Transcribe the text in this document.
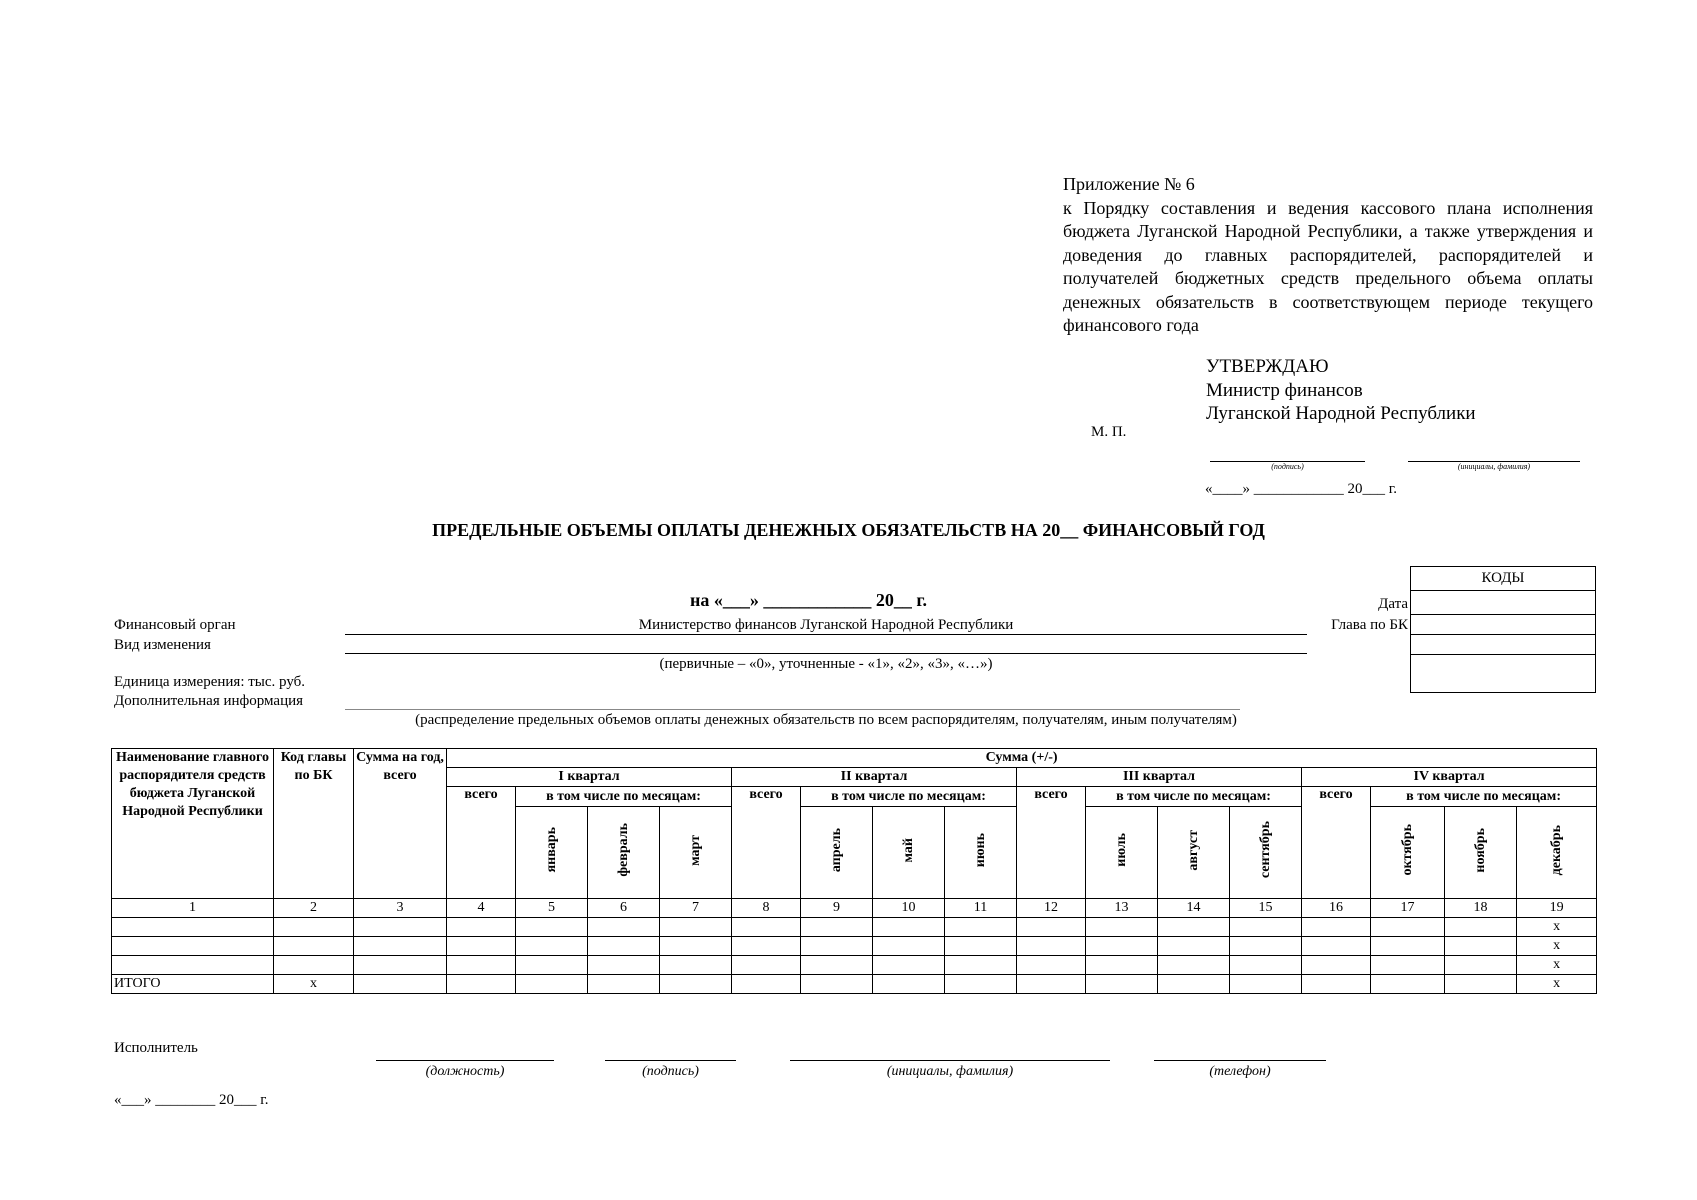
Приложение № 6
к Порядку составления и ведения кассового плана исполнения бюджета Луганской Народной Республики, а также утверждения и доведения до главных распорядителей, распорядителей и получателей бюджетных средств предельного объема оплаты денежных обязательств в соответствующем периоде текущего финансового года
УТВЕРЖДАЮ
Министр финансов
Луганской Народной Республики
М. П.
(подпись)	(инициалы, фамилия)
«____» ____________ 20___ г.
ПРЕДЕЛЬНЫЕ ОБЪЕМЫ ОПЛАТЫ ДЕНЕЖНЫХ ОБЯЗАТЕЛЬСТВ НА 20__ ФИНАНСОВЫЙ ГОД
КОДЫ

Дата
Глава по БК
на «___» ____________ 20__ г.
Финансовый орган	Министерство финансов Луганской Народной Республики
Вид изменения
(первичные – «0», уточненные - «1», «2», «3», «…»)
Единица измерения: тыс. руб.
Дополнительная информация
(распределение предельных объемов оплаты денежных обязательств по всем распорядителям, получателям, иным получателям)
Наименование главного распорядителя средств бюджета Луганской Народной Республики	Код главы по БК	Сумма на год, всего	Сумма (+/-)															
			I квартал				II квартал				III квартал				IV квартал			
			всего	в том числе по месяцам:			всего	в том числе по месяцам:			всего	в том числе по месяцам:			всего	в том числе по месяцам:		
				январь	февраль	март		апрель	май	июнь		июль	август	сентябрь		октябрь	ноябрь	декабрь
1	2	3	4	5	6	7	8	9	10	11	12	13	14	15	16	17	18	19
																		х
																		х
																		х
ИТОГО	х																	х
Исполнитель
(должность)	(подпись)	(инициалы, фамилия)	(телефон)
«___» ________ 20___ г.
